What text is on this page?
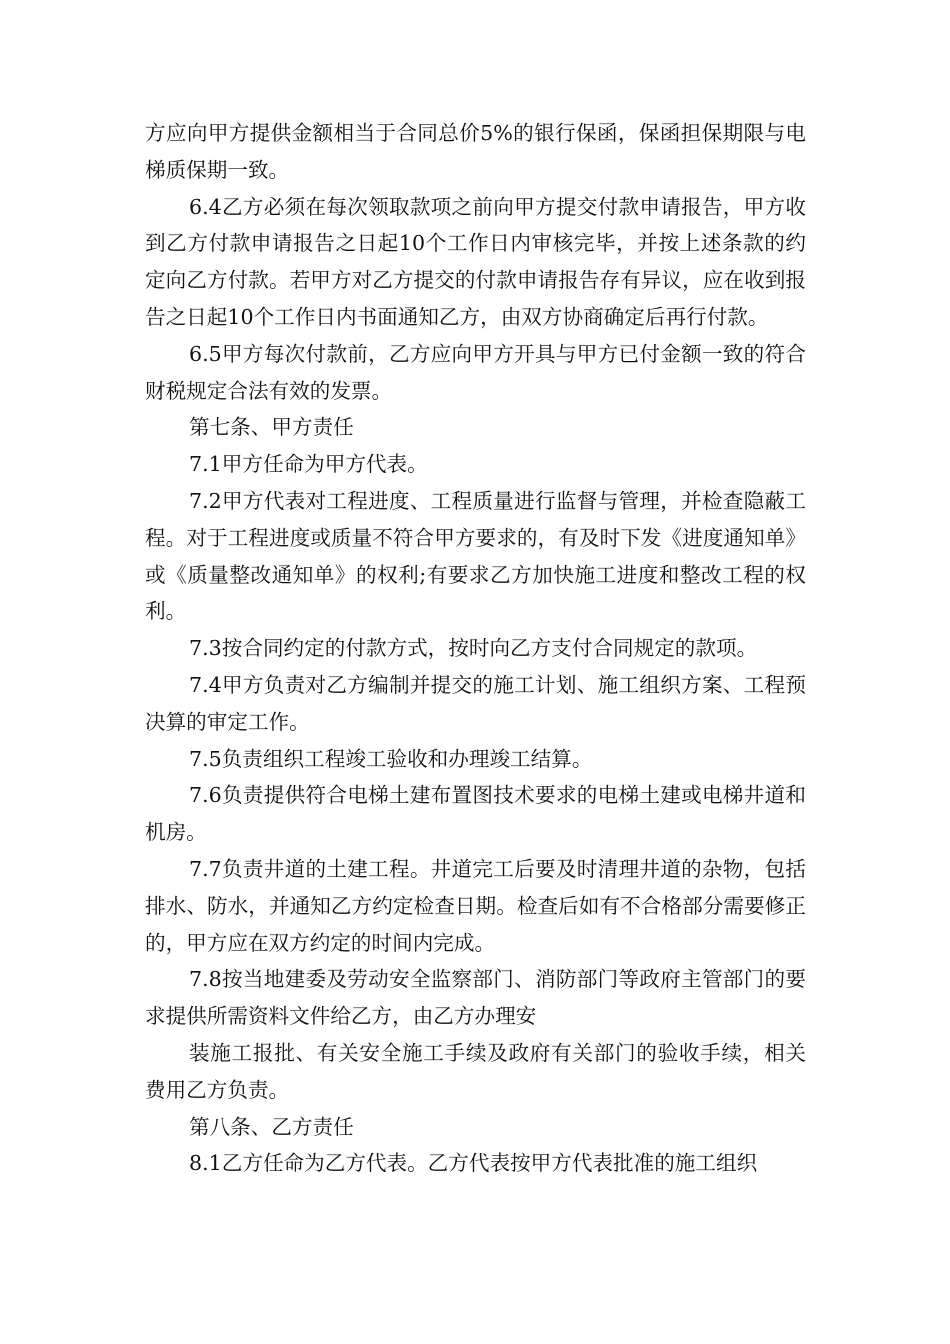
方应向甲方提供金额相当于合同总价5%的银行保函，保函担保期限与电梯质保期一致。

6.4乙方必须在每次领取款项之前向甲方提交付款申请报告，甲方收到乙方付款申请报告之日起10个工作日内审核完毕，并按上述条款的约定向乙方付款。若甲方对乙方提交的付款申请报告存有异议，应在收到报告之日起10个工作日内书面通知乙方，由双方协商确定后再行付款。

6.5甲方每次付款前，乙方应向甲方开具与甲方已付金额一致的符合财税规定合法有效的发票。

第七条、甲方责任

7.1甲方任命为甲方代表。

7.2甲方代表对工程进度、工程质量进行监督与管理，并检查隐蔽工程。对于工程进度或质量不符合甲方要求的，有及时下发《进度通知单》或《质量整改通知单》的权利;有要求乙方加快施工进度和整改工程的权利。

7.3按合同约定的付款方式，按时向乙方支付合同规定的款项。

7.4甲方负责对乙方编制并提交的施工计划、施工组织方案、工程预决算的审定工作。

7.5负责组织工程竣工验收和办理竣工结算。

7.6负责提供符合电梯土建布置图技术要求的电梯土建或电梯井道和机房。

7.7负责井道的土建工程。井道完工后要及时清理井道的杂物，包括排水、防水，并通知乙方约定检查日期。检查后如有不合格部分需要修正的，甲方应在双方约定的时间内完成。

7.8按当地建委及劳动安全监察部门、消防部门等政府主管部门的要求提供所需资料文件给乙方，由乙方办理安

装施工报批、有关安全施工手续及政府有关部门的验收手续，相关费用乙方负责。

第八条、乙方责任

8.1乙方任命为乙方代表。乙方代表按甲方代表批准的施工组织
